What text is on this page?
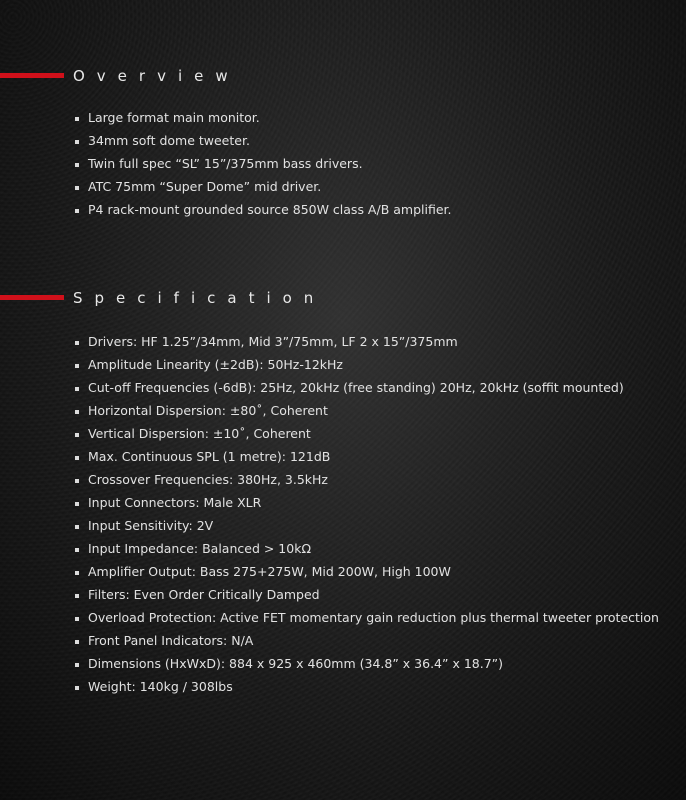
Overview
Large format main monitor.
34mm soft dome tweeter.
Twin full spec “SL” 15”/375mm bass drivers.
ATC 75mm “Super Dome” mid driver.
P4 rack-mount grounded source 850W class A/B amplifier.
Specification
Drivers: HF 1.25”/34mm, Mid 3”/75mm, LF 2 x 15”/375mm
Amplitude Linearity (±2dB): 50Hz-12kHz
Cut-off Frequencies (-6dB): 25Hz, 20kHz (free standing) 20Hz, 20kHz (soffit mounted)
Horizontal Dispersion: ±80˚, Coherent
Vertical Dispersion: ±10˚, Coherent
Max. Continuous SPL (1 metre): 121dB
Crossover Frequencies: 380Hz, 3.5kHz
Input Connectors: Male XLR
Input Sensitivity: 2V
Input Impedance: Balanced > 10kΩ
Amplifier Output: Bass 275+275W, Mid 200W, High 100W
Filters: Even Order Critically Damped
Overload Protection: Active FET momentary gain reduction plus thermal tweeter protection
Front Panel Indicators: N/A
Dimensions (HxWxD): 884 x 925 x 460mm (34.8” x 36.4” x 18.7”)
Weight: 140kg / 308lbs
